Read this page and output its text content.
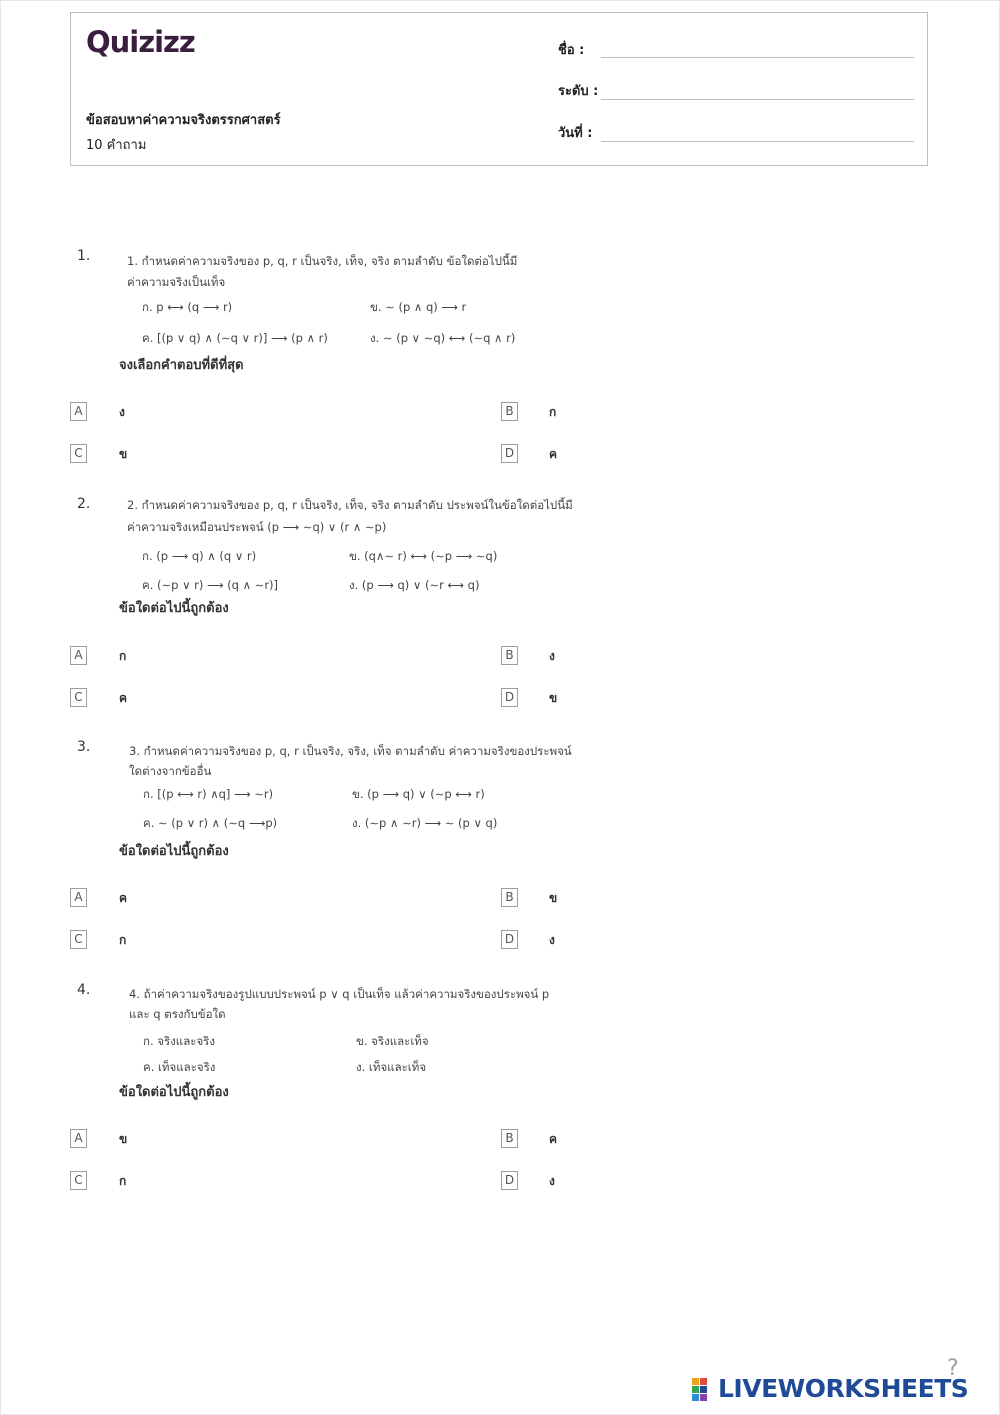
Quizizz
ข้อสอบหาค่าความจริงตรรกศาสตร์
10 คำถาม
ชื่อ :
ระดับ :
วันที่ :
1.	1. กำหนดค่าความจริงของ p, q, r เป็นจริง, เท็จ, จริง ตามลำดับ ข้อใดต่อไปนี้มี
ค่าความจริงเป็นเท็จ
ก. p ⟷ (q ⟶ r)	ข. ∼ (p ∧ q) ⟶ r
ค. [(p ∨ q) ∧ (∼q ∨ r)] ⟶ (p ∧ r)	ง. ∼ (p ∨ ∼q) ⟷ (∼q ∧ r)
จงเลือกคำตอบที่ดีที่สุด
A	ง	B	ก
C	ข	D	ค
2.	2. กำหนดค่าความจริงของ p, q, r เป็นจริง, เท็จ, จริง ตามลำดับ ประพจน์ในข้อใดต่อไปนี้มี
ค่าความจริงเหมือนประพจน์ (p ⟶ ∼q) ∨ (r ∧ ∼p)
ก. (p ⟶ q) ∧ (q ∨ r)	ข. (q∧∼ r) ⟷ (∼p ⟶ ∼q)
ค. (∼p ∨ r) ⟶ (q ∧ ∼r)]	ง. (p ⟶ q) ∨ (∼r ⟷ q)
ข้อใดต่อไปนี้ถูกต้อง
A	ก	B	ง
C	ค	D	ข
3.	3. กำหนดค่าความจริงของ p, q, r เป็นจริง, จริง, เท็จ ตามลำดับ ค่าความจริงของประพจน์
ใดต่างจากข้ออื่น
ก. [(p ⟷ r) ∧q] ⟶ ∼r)	ข. (p ⟶ q) ∨ (∼p ⟷ r)
ค. ∼ (p ∨ r) ∧ (∼q ⟶p)	ง. (∼p ∧ ∼r) ⟶ ∼ (p ∨ q)
ข้อใดต่อไปนี้ถูกต้อง
A	ค	B	ข
C	ก	D	ง
4.	4. ถ้าค่าความจริงของรูปแบบประพจน์ p ∨ q เป็นเท็จ แล้วค่าความจริงของประพจน์ p
และ q ตรงกับข้อใด
ก. จริงและจริง	ข. จริงและเท็จ
ค. เท็จและจริง	ง. เท็จและเท็จ
ข้อใดต่อไปนี้ถูกต้อง
A	ข	B	ค
C	ก	D	ง
?
LIVEWORKSHEETS
